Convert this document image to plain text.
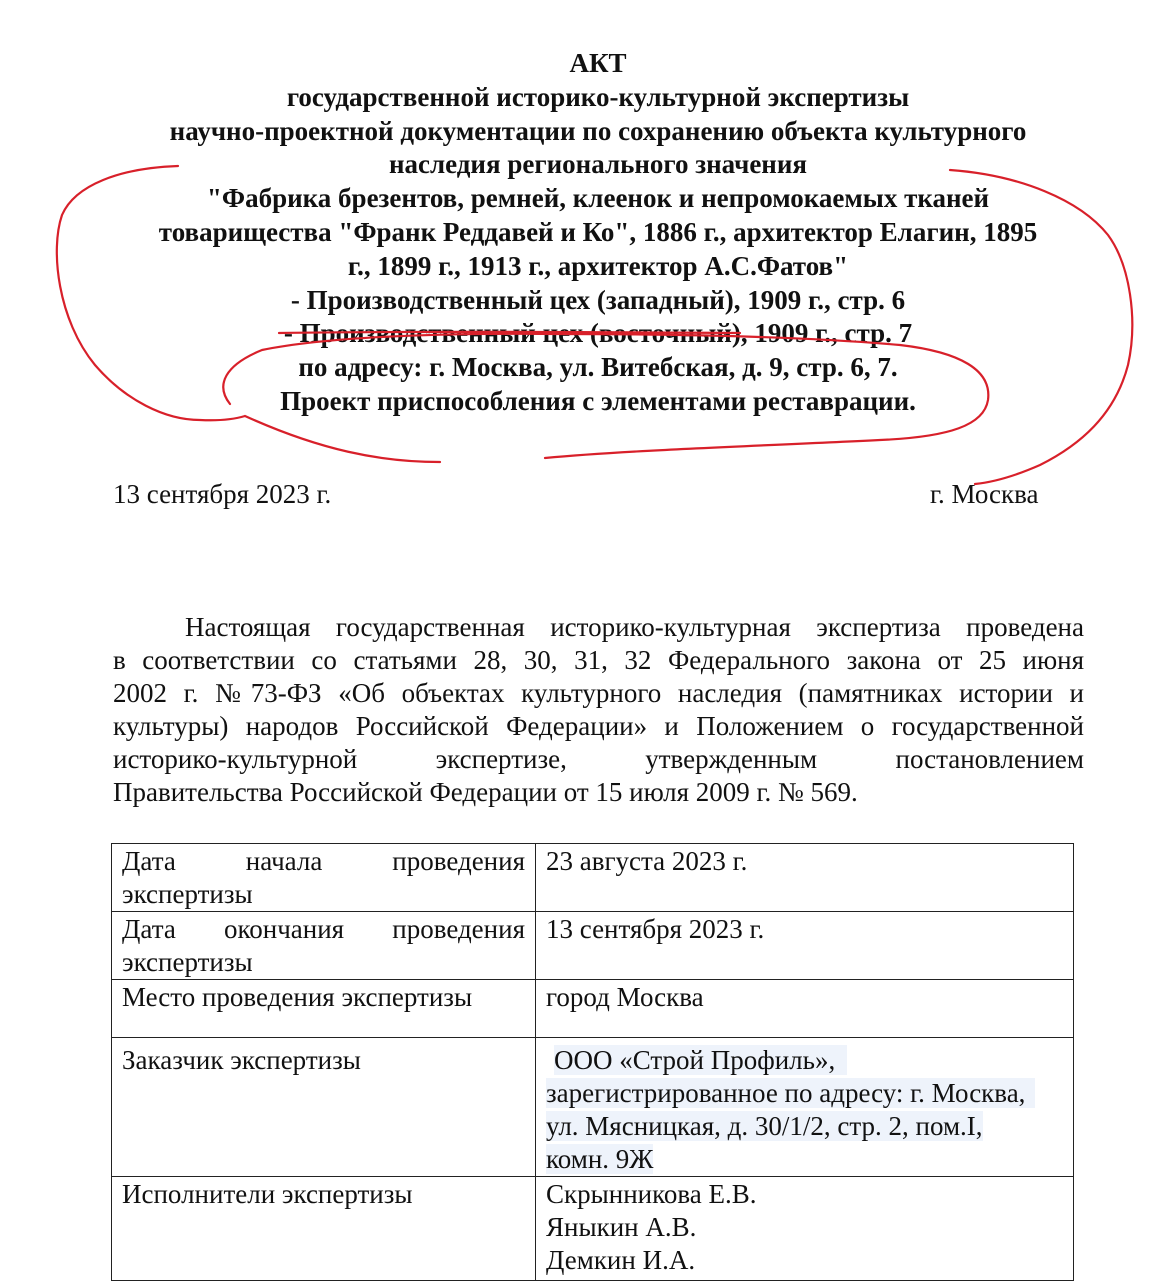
АКТ
государственной историко-культурной экспертизы
научно-проектной документации по сохранению объекта культурного
наследия регионального значения
"Фабрика брезентов, ремней, клеенок и непромокаемых тканей
товарищества "Франк Реддавей и Ко", 1886 г., архитектор Елагин, 1895
г., 1899 г., 1913 г., архитектор А.С.Фатов"
- Производственный цех (западный), 1909 г., стр. 6
- Производственный цех (восточный), 1909 г., стр. 7
по адресу: г. Москва, ул. Витебская, д. 9, стр. 6, 7.
Проект приспособления с элементами реставрации.
13 сентября 2023 г.	г. Москва
Настоящая государственная историко-культурная экспертиза проведена
в соответствии со статьями 28, 30, 31, 32 Федерального закона от 25 июня
2002 г. №73-ФЗ «Об объектах культурного наследия (памятниках истории и
культуры) народов Российской Федерации» и Положением о государственной
историко-культурной экспертизе, утвержденным постановлением
Правительства Российской Федерации от 15 июля 2009 г. № 569.
Дата начала проведения
экспертизы	23 августа 2023 г.

Дата окончания проведения
экспертизы	13 сентября 2023 г.
Место проведения экспертизы	город Москва
Заказчик экспертизы	ООО «Строй Профиль»,
зарегистрированное по адресу: г. Москва,
ул. Мясницкая, д. 30/1/2, стр. 2, пом.I,
комн. 9Ж

Исполнители экспертизы	Скрынникова Е.В.
Яныкин А.В.
Демкин И.А.
